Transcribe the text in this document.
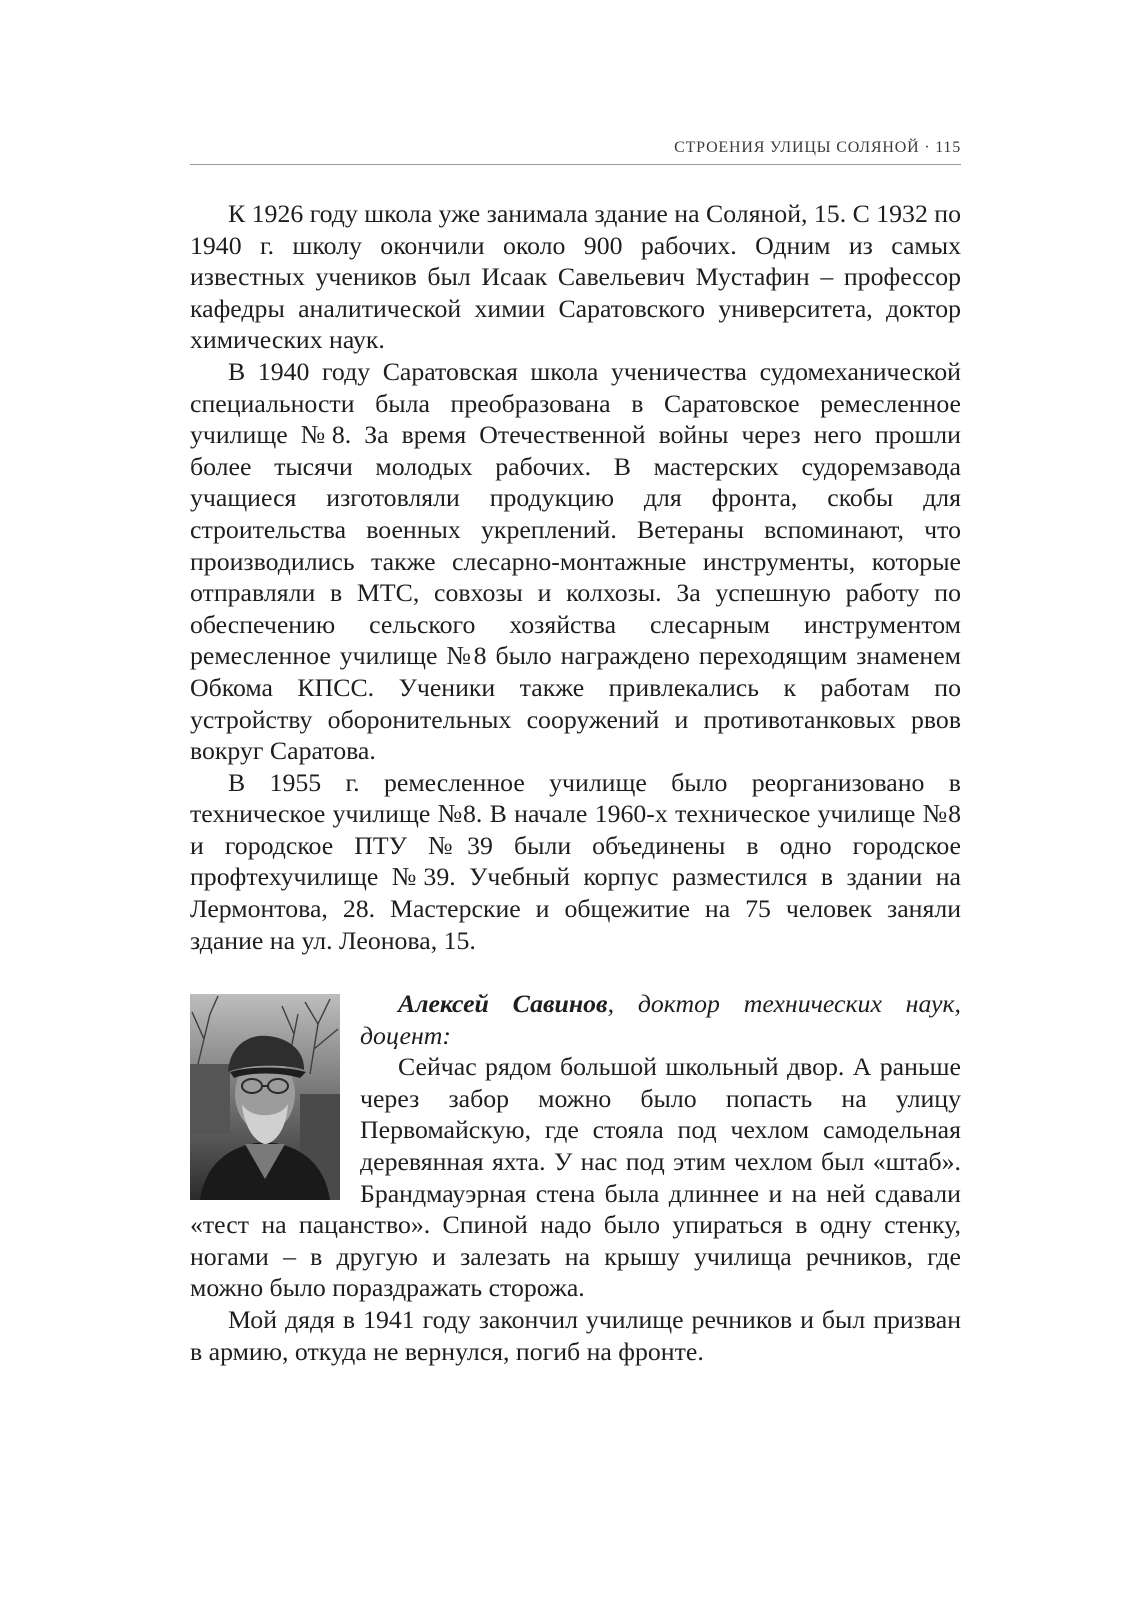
СТРОЕНИЯ УЛИЦЫ СОЛЯНОЙ · 115

К 1926 году школа уже занимала здание на Соляной, 15. С 1932 по 1940 г. школу окончили около 900 рабочих. Одним из самых известных учеников был Исаак Савельевич Мустафин – профессор кафедры аналитической химии Саратовского университета, доктор химических наук.

В 1940 году Саратовская школа ученичества судомеханической специальности была преобразована в Саратовское ремесленное училище №8. За время Отечественной войны через него прошли более тысячи молодых рабочих. В мастерских судоремзавода учащиеся изготовляли продукцию для фронта, скобы для строительства военных укреплений. Ветераны вспоминают, что производились также слесарно-монтажные инструменты, которые отправляли в МТС, совхозы и колхозы. За успешную работу по обеспечению сельского хозяйства слесарным инструментом ремесленное училище №8 было награждено переходящим знаменем Обкома КПСС. Ученики также привлекались к работам по устройству оборонительных сооружений и противотанковых рвов вокруг Саратова.

В 1955 г. ремесленное училище было реорганизовано в техническое училище №8. В начале 1960-х техническое училище №8 и городское ПТУ №39 были объединены в одно городское профтехучилище №39. Учебный корпус разместился в здании на Лермонтова, 28. Мастерские и общежитие на 75 человек заняли здание на ул. Леонова, 15.

Алексей Савинов, доктор технических наук, доцент:

Сейчас рядом большой школьный двор. А раньше через забор можно было попасть на улицу Первомайскую, где стояла под чехлом самодельная деревянная яхта. У нас под этим чехлом был «штаб». Брандмауэрная стена была длиннее и на ней сдавали «тест на пацанство». Спиной надо было упираться в одну стенку, ногами – в другую и залезать на крышу училища речников, где можно было пораздражать сторожа.

Мой дядя в 1941 году закончил училище речников и был призван в армию, откуда не вернулся, погиб на фронте.
